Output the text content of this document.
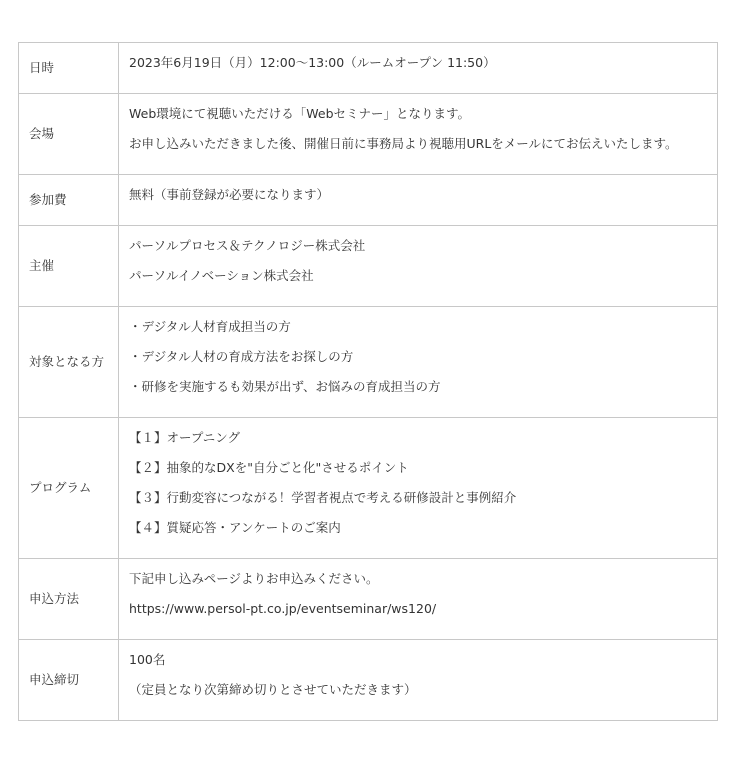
日時	2023年6月19日（月）12:00〜13:00（ルームオープン 11:50）

会場	Web環境にて視聴いただける「Webセミナー」となります。
お申し込みいただきました後、開催日前に事務局より視聴用URLをメールにてお伝えいたします。

参加費	無料（事前登録が必要になります）

主催	パーソルプロセス＆テクノロジー株式会社
パーソルイノベーション株式会社

対象となる方	・デジタル人材育成担当の方
・デジタル人材の育成方法をお探しの方
・研修を実施するも効果が出ず、お悩みの育成担当の方

プログラム	【１】オープニング
【２】抽象的なDXを"自分ごと化"させるポイント
【３】行動変容につながる！学習者視点で考える研修設計と事例紹介
【４】質疑応答・アンケートのご案内

申込方法	下記申し込みページよりお申込みください。
https://www.persol-pt.co.jp/eventseminar/ws120/

申込締切	100名
（定員となり次第締め切りとさせていただきます）
